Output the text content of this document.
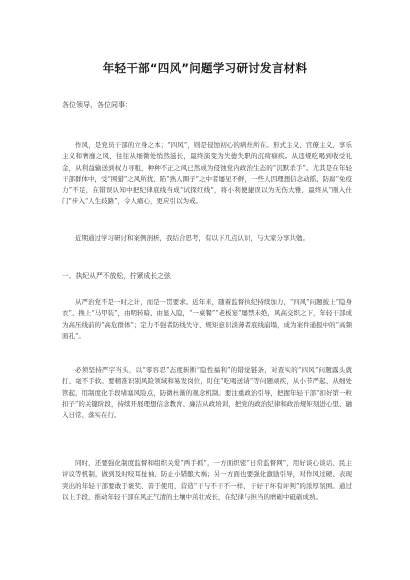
年轻干部“四风”问题学习研讨发言材料
各位领导、各位同事：
作风，是党员干部的立身之本；“四风”，则是侵蚀初心的病灶所在。形式主义、官僚主义、享乐主义和奢靡之风，往往从细微处悄然滋长，最终演变为失德失职的沉疴痼疾。从违规吃喝到收受礼金，从利益输送到权力寻租，种种不正之风已然成为侵蚀党内政治生态的“沉默杀手”。尤其是在年轻干部群体中，受“围猎”之风所扰、陷“熟人圈子”之中者屡见不鲜，一些人因理想信念动摇、防腐“免疫力”不足，在错误认知中把纪律底线当成“试探红线”，将小利便捷误以为无伤大雅，最终从“刚入仕门”步入“人生歧路”，令人痛心，更应引以为戒。
近期通过学习研讨和案例剖析，我结合思考，有以下几点认识，与大家分享共勉。
一、执纪从严不放松，拧紧成长之弦
从严治党不是一时之计，而是一贯要求。近年来，随着监督执纪持续加力，“四风”问题披上“隐身衣”、换上“马甲装”，由明转暗、由显入隐，“一桌餐”“老板宴”屡禁未绝，风高交织之下，年轻干部成为高压线前的“高危群体”；定力不强者防线失守、规矩意识淡薄者底线崩塌，成为案件通报中的“高频面孔”。
必须坚持严字当头，以“零容忍”态度斩断“隐性福利”的错觉链条，对查实的“四风”问题露头就打、毫不手软。要精准识别风险领域和易发岗位，盯住“吃喝送请”等问题顽疾，从小节严起、从细处管起，用制度化手段堵塞风险点，防微杜渐的观念机制。要注重政治引导，把握年轻干部“扣好第一粒扣子”的关键阶段，持续开展理想信念教育、廉洁从政培训，把党的政治纪律和政治规矩刻进心里、融入日常、落实在行。
同时，还要强化制度监督和组织关爱“两手抓”，一方面织密“日常监督网”，用好谈心谈话、民主评议等机制，做到及时咬耳扯袖、防止小错酿大祸；另一方面也要强化激励引导，对作风过硬、表现突出的年轻干部要敢于褒奖、善于使用，营造“干与不干不一样、干好干坏有评判”的浓厚氛围。通过以上手段，推动年轻干部在风正气清的土壤中茁壮成长，在纪律与担当的磨砺中砥砺成熟。
